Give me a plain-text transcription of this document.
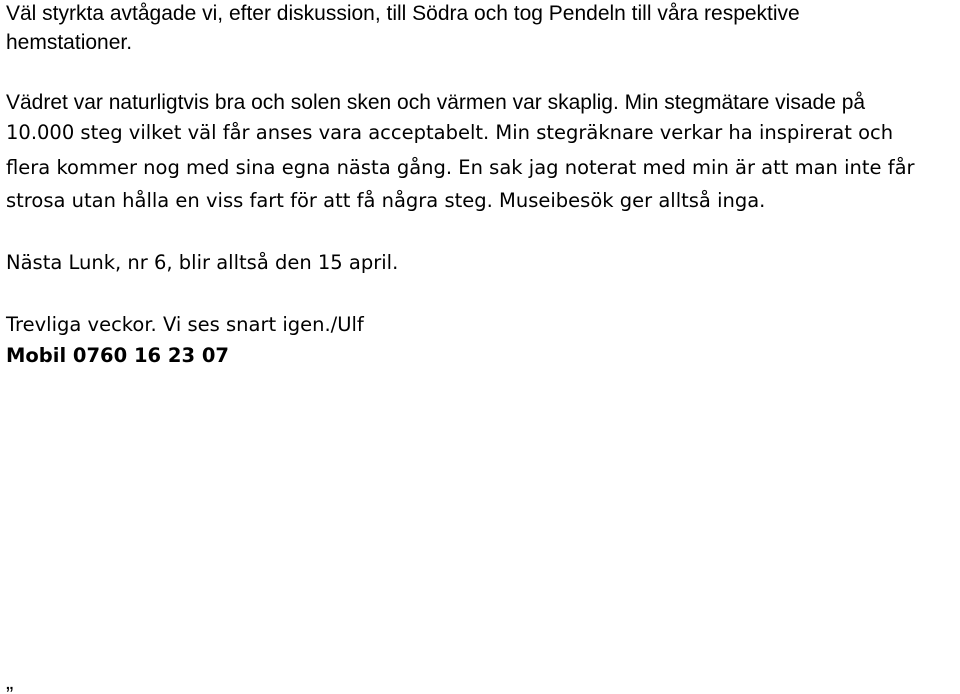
Väl styrkta avtågade vi, efter diskussion, till Södra och tog Pendeln till våra respektive
hemstationer.
Vädret var naturligtvis bra och solen sken och värmen var skaplig. Min stegmätare visade på
10.000 steg vilket väl får anses vara acceptabelt. Min stegräknare verkar ha inspirerat och
flera kommer nog med sina egna nästa gång. En sak jag noterat med min är att man inte får
strosa utan hålla en viss fart för att få några steg. Museibesök ger alltså inga.
Nästa Lunk, nr 6, blir alltså den 15 april.
Trevliga veckor. Vi ses snart igen./Ulf
Mobil 0760 16 23 07
„
